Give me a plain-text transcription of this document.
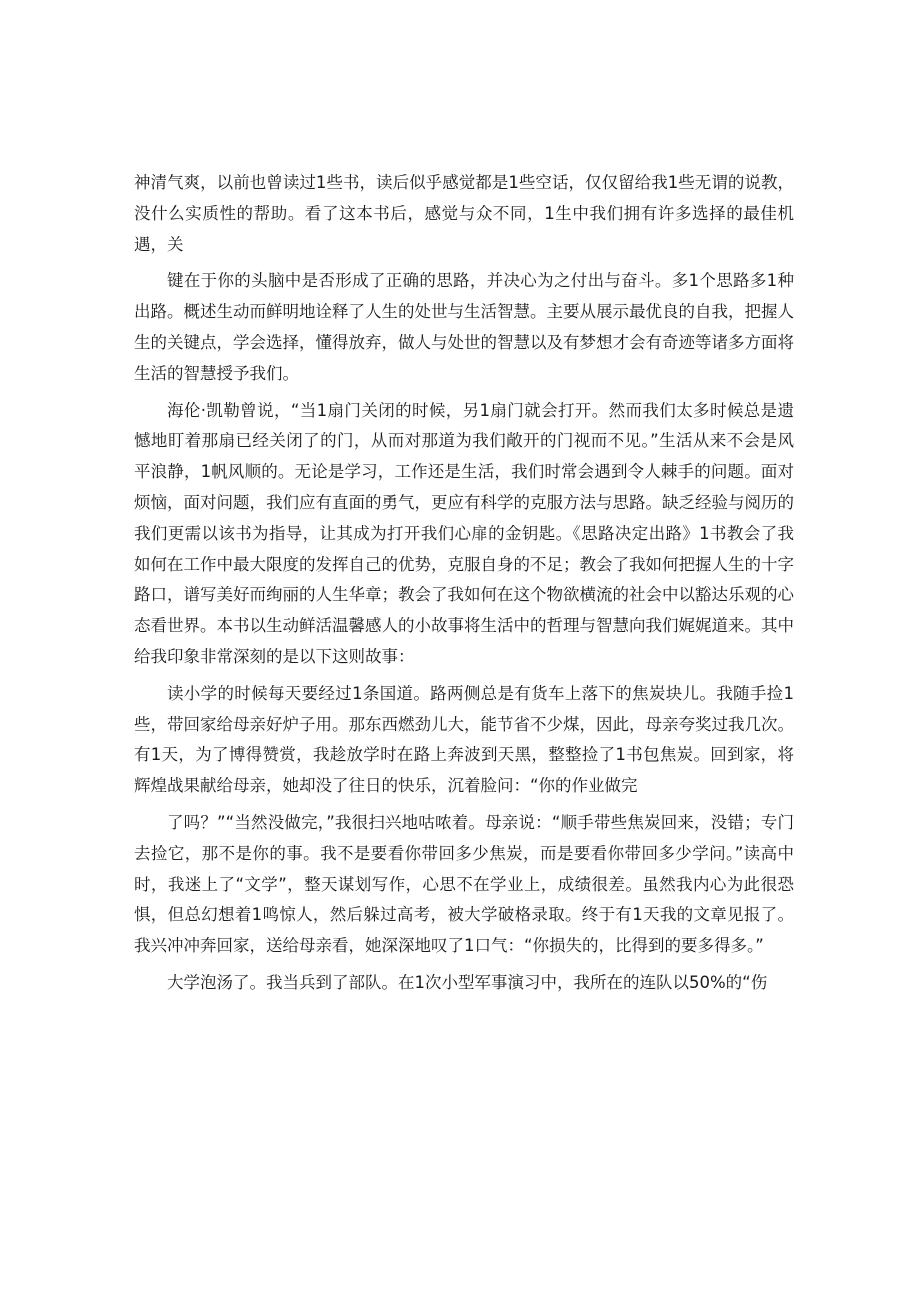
神清气爽，以前也曾读过1些书，读后似乎感觉都是1些空话，仅仅留给我1些无谓的说教，没什么实质性的帮助。看了这本书后，感觉与众不同，1生中我们拥有许多选择的最佳机遇，关

键在于你的头脑中是否形成了正确的思路，并决心为之付出与奋斗。多1个思路多1种出路。概述生动而鲜明地诠释了人生的处世与生活智慧。主要从展示最优良的自我，把握人生的关键点，学会选择，懂得放弃，做人与处世的智慧以及有梦想才会有奇迹等诸多方面将生活的智慧授予我们。

海伦·凯勒曾说，“当1扇门关闭的时候，另1扇门就会打开。然而我们太多时候总是遗憾地盯着那扇已经关闭了的门，从而对那道为我们敞开的门视而不见。”生活从来不会是风平浪静，1帆风顺的。无论是学习，工作还是生活，我们时常会遇到令人棘手的问题。面对烦恼，面对问题，我们应有直面的勇气，更应有科学的克服方法与思路。缺乏经验与阅历的我们更需以该书为指导，让其成为打开我们心扉的金钥匙。《思路决定出路》1书教会了我如何在工作中最大限度的发挥自己的优势，克服自身的不足；教会了我如何把握人生的十字路口，谱写美好而绚丽的人生华章；教会了我如何在这个物欲横流的社会中以豁达乐观的心态看世界。本书以生动鲜活温馨感人的小故事将生活中的哲理与智慧向我们娓娓道来。其中给我印象非常深刻的是以下这则故事：

读小学的时候每天要经过1条国道。路两侧总是有货车上落下的焦炭块儿。我随手捡1些，带回家给母亲好炉子用。那东西燃劲儿大，能节省不少煤，因此，母亲夸奖过我几次。有1天，为了博得赞赏，我趁放学时在路上奔波到天黑，整整捡了1书包焦炭。回到家，将辉煌战果献给母亲，她却没了往日的快乐，沉着脸问：“你的作业做完

了吗？”“当然没做完，”我很扫兴地咕哝着。母亲说：“顺手带些焦炭回来，没错；专门去捡它，那不是你的事。我不是要看你带回多少焦炭，而是要看你带回多少学问。”读高中时，我迷上了“文学”，整天谋划写作，心思不在学业上，成绩很差。虽然我内心为此很恐惧，但总幻想着1鸣惊人，然后躲过高考，被大学破格录取。终于有1天我的文章见报了。我兴冲冲奔回家，送给母亲看，她深深地叹了1口气：“你损失的，比得到的要多得多。”

大学泡汤了。我当兵到了部队。在1次小型军事演习中，我所在的连队以50%的“伤
